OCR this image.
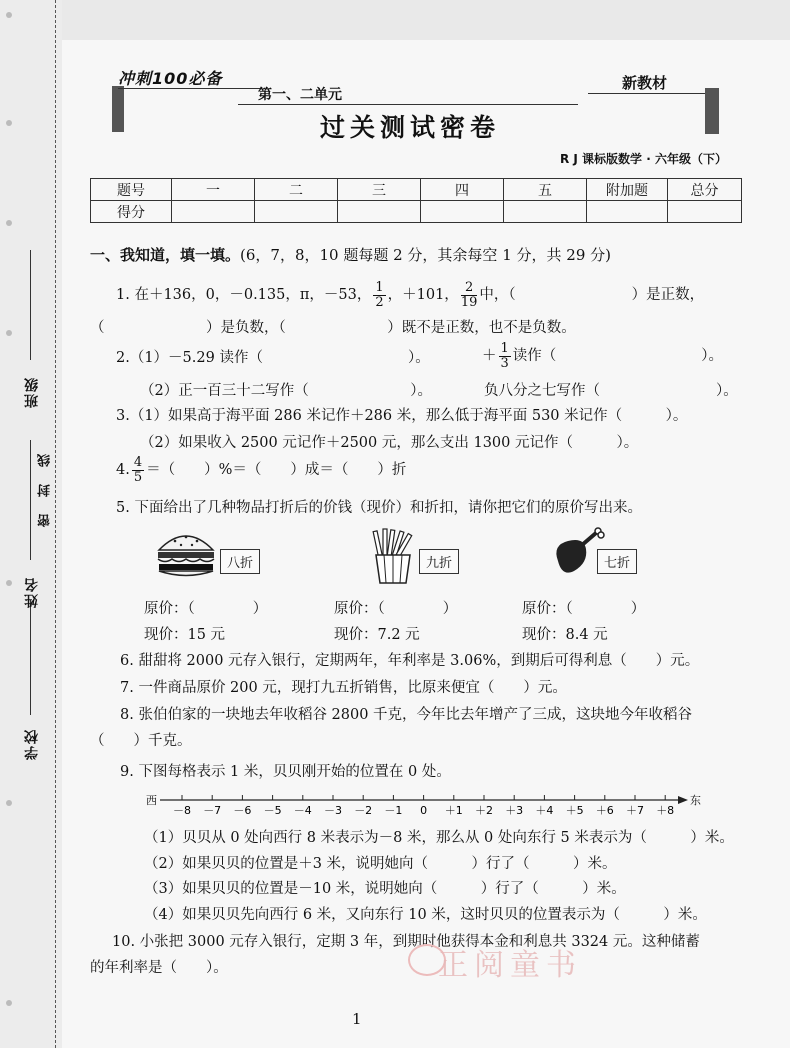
学校
姓名
班级
密　封　线
冲刺100必备
第一、二单元
过关测试密卷
新教材
R J 课标版数学 · 六年级（下）
题号	一	二	三	四	五	附加题	总分
得分							
一、我知道，填一填。(6，7，8，10 题每题 2 分，其余每空 1 分，共 29 分)
1. 在＋136，0，－0.135，π，－53， $\frac{1}{2}$ ，＋101， $\frac{2}{19}$ 中，（　　　　　　　　）是正数，
（　　　　　　　）是负数，（　　　　　　　）既不是正数，也不是负数。
2.（1）－5.29 读作（　　　　　　　　　　）。	＋ $\frac{1}{3}$ 读作（　　　　　　　　　　）。
（2）正一百三十二写作（　　　　　　　）。	负八分之七写作（　　　　　　　　）。
3.（1）如果高于海平面 286 米记作＋286 米，那么低于海平面 530 米记作（　　　）。
（2）如果收入 2500 元记作＋2500 元，那么支出 1300 元记作（　　　）。
4. $\frac{4}{5}$ ＝（　　）%＝（　　）成＝（　　）折
5. 下面给出了几种物品打折后的价钱（现价）和折扣，请你把它们的原价写出来。
八折	九折	七折
原价：（　　　　）
现价：15 元
原价：（　　　　）
现价：7.2 元
原价：（　　　　）
现价：8.4 元
6. 甜甜将 2000 元存入银行，定期两年，年利率是 3.06%，到期后可得利息（　　）元。
7. 一件商品原价 200 元，现打九五折销售，比原来便宜（　　）元。
8. 张伯伯家的一块地去年收稻谷 2800 千克，今年比去年增产了三成，这块地今年收稻谷
（　　）千克。
9. 下图每格表示 1 米，贝贝刚开始的位置在 0 处。
西	东
－8 －7 －6 －5 －4 －3 －2 －1 0 ＋1 ＋2 ＋3 ＋4 ＋5 ＋6 ＋7 ＋8
（1）贝贝从 0 处向西行 8 米表示为－8 米，那么从 0 处向东行 5 米表示为（　　　）米。
（2）如果贝贝的位置是＋3 米，说明她向（　　　）行了（　　　）米。
（3）如果贝贝的位置是－10 米，说明她向（　　　）行了（　　　）米。
（4）如果贝贝先向西行 6 米，又向东行 10 米，这时贝贝的位置表示为（　　　）米。
10. 小张把 3000 元存入银行，定期 3 年，到期时他获得本金和利息共 3324 元。这种储蓄
的年利率是（　　）。	正阅童书
1
